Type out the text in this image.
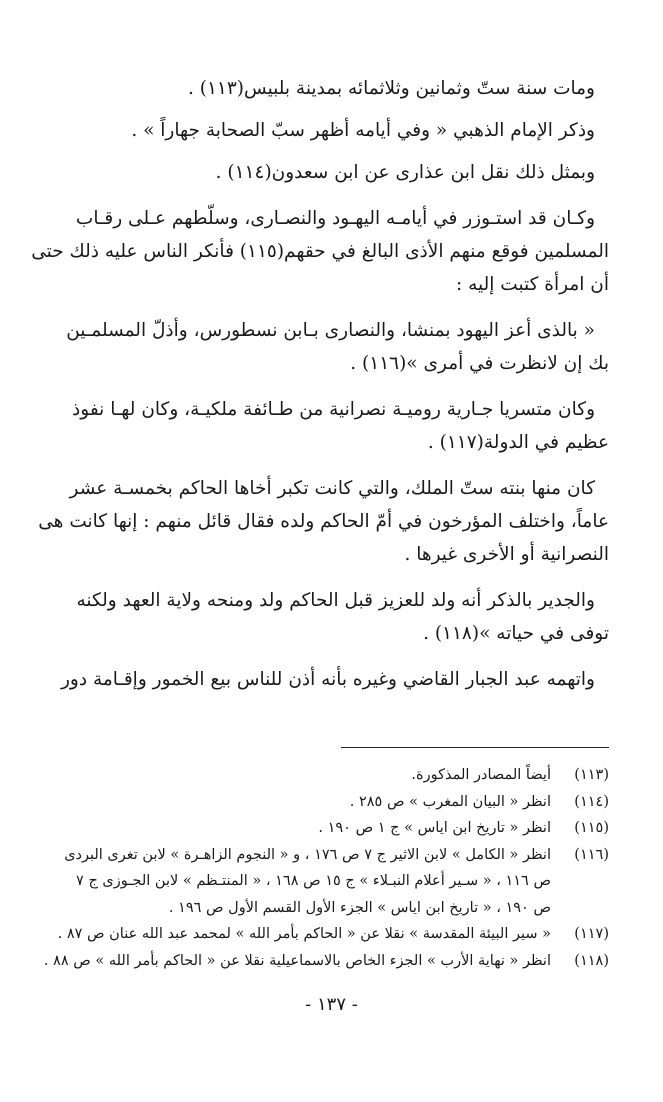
ومات سنة ستّ وثمانين وثلاثمائه بمدينة بلبيس(١١٣) .
وذكر الإمام الذهبي « وفي أيامه أظهر سبّ الصحابة جهاراً » .
وبمثل ذلك نقل ابن عذارى عن ابن سعدون(١١٤) .
وكـان قد استـوزر في أيامـه اليهـود والنصـارى، وسلّطهم عـلى رقـاب
المسلمين فوقع منهم الأذى البالغ في حقهم(١١٥) فأنكر الناس عليه ذلك حتى
أن امرأة كتبت إليه :
« بالذى أعز اليهود بمنشا، والنصارى بـابن نسطورس، وأذلّ المسلمـين
بك إن لانظرت في أمرى »(١١٦) .
وكان متسريا جـارية روميـة نصرانية من طـائفة ملكيـة، وكان لهـا نفوذ
عظيم في الدولة(١١٧) .
كان منها بنته ستّ الملك، والتي كانت تكبر أخاها الحاكم بخمسـة عشر
عاماً، واختلف المؤرخون في أمّ الحاكم ولده فقال قائل منهم : إنها كانت هى
النصرانية أو الأخرى غيرها .
والجدير بالذكر أنه ولد للعزيز قبل الحاكم ولد ومنحه ولاية العهد ولكنه
توفى في حياته »(١١٨) .
واتهمه عبد الجبار القاضي وغيره بأنه أذن للناس بيع الخمور وإقـامة دور
(١١٣)أيضاً المصادر المذكورة.
(١١٤)انظر « البيان المغرب » ص ٢٨٥ .
(١١٥)انظر « تاريخ ابن اياس » ج ١ ص ١٩٠ .
(١١٦)انظر « الكامل » لابن الاثير ج ٧ ص ١٧٦ ، و « النجوم الزاهـرة » لابن تغرى البردى
ص ١١٦ ، « سـير أعلام النبـلاء » ج ١٥ ص ١٦٨ ، « المنتـظم » لابن الجـوزى ج ٧
ص ١٩٠ ، « تاريخ ابن اياس » الجزء الأول القسم الأول ص ١٩٦ .
(١١٧)« سير البيئة المقدسة » نقلا عن « الحاكم بأمر الله » لمحمد عبد الله عنان ص ٨٧ .
(١١٨)انظر « نهاية الأرب » الجزء الخاص بالاسماعيلية نقلا عن « الحاكم بأمر الله » ص ٨٨ .
- ١٣٧ -
